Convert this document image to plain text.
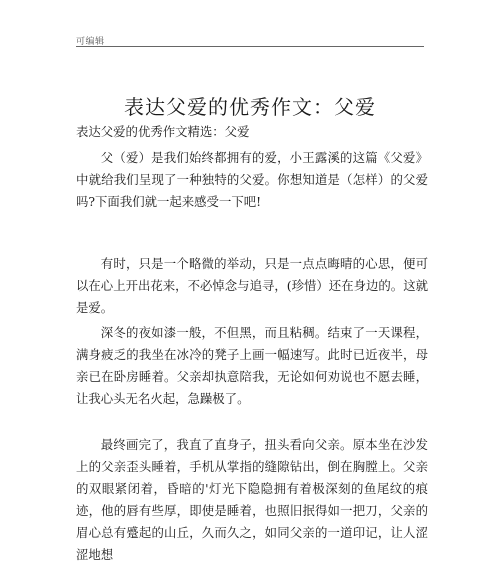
可编辑
表达父爱的优秀作文：父爱

表达父爱的优秀作文精选：父爱

父（爱）是我们始终都拥有的爱，小王露溪的这篇《父爱》中就给我们呈现了一种独特的父爱。你想知道是（怎样）的父爱吗?下面我们就一起来感受一下吧!

有时，只是一个略微的举动，只是一点点晦晴的心思，便可以在心上开出花来，不必悼念与追寻，(珍惜）还在身边的。这就是爱。

深冬的夜如漆一般，不但黑，而且粘稠。结束了一天课程，满身疲乏的我坐在冰冷的凳子上画一幅速写。此时已近夜半，母亲已在卧房睡着。父亲却执意陪我，无论如何劝说也不愿去睡，让我心头无名火起，急躁极了。

最终画完了，我直了直身子，扭头看向父亲。原本坐在沙发上的父亲歪头睡着，手机从掌指的缝隙钻出，倒在胸膛上。父亲的双眼紧闭着，昏暗的'灯光下隐隐拥有着极深刻的鱼尾纹的痕迹，他的唇有些厚，即使是睡着，也照旧抿得如一把刀，父亲的眉心总有蹙起的山丘，久而久之，如同父亲的一道印记，让人涩涩地想
